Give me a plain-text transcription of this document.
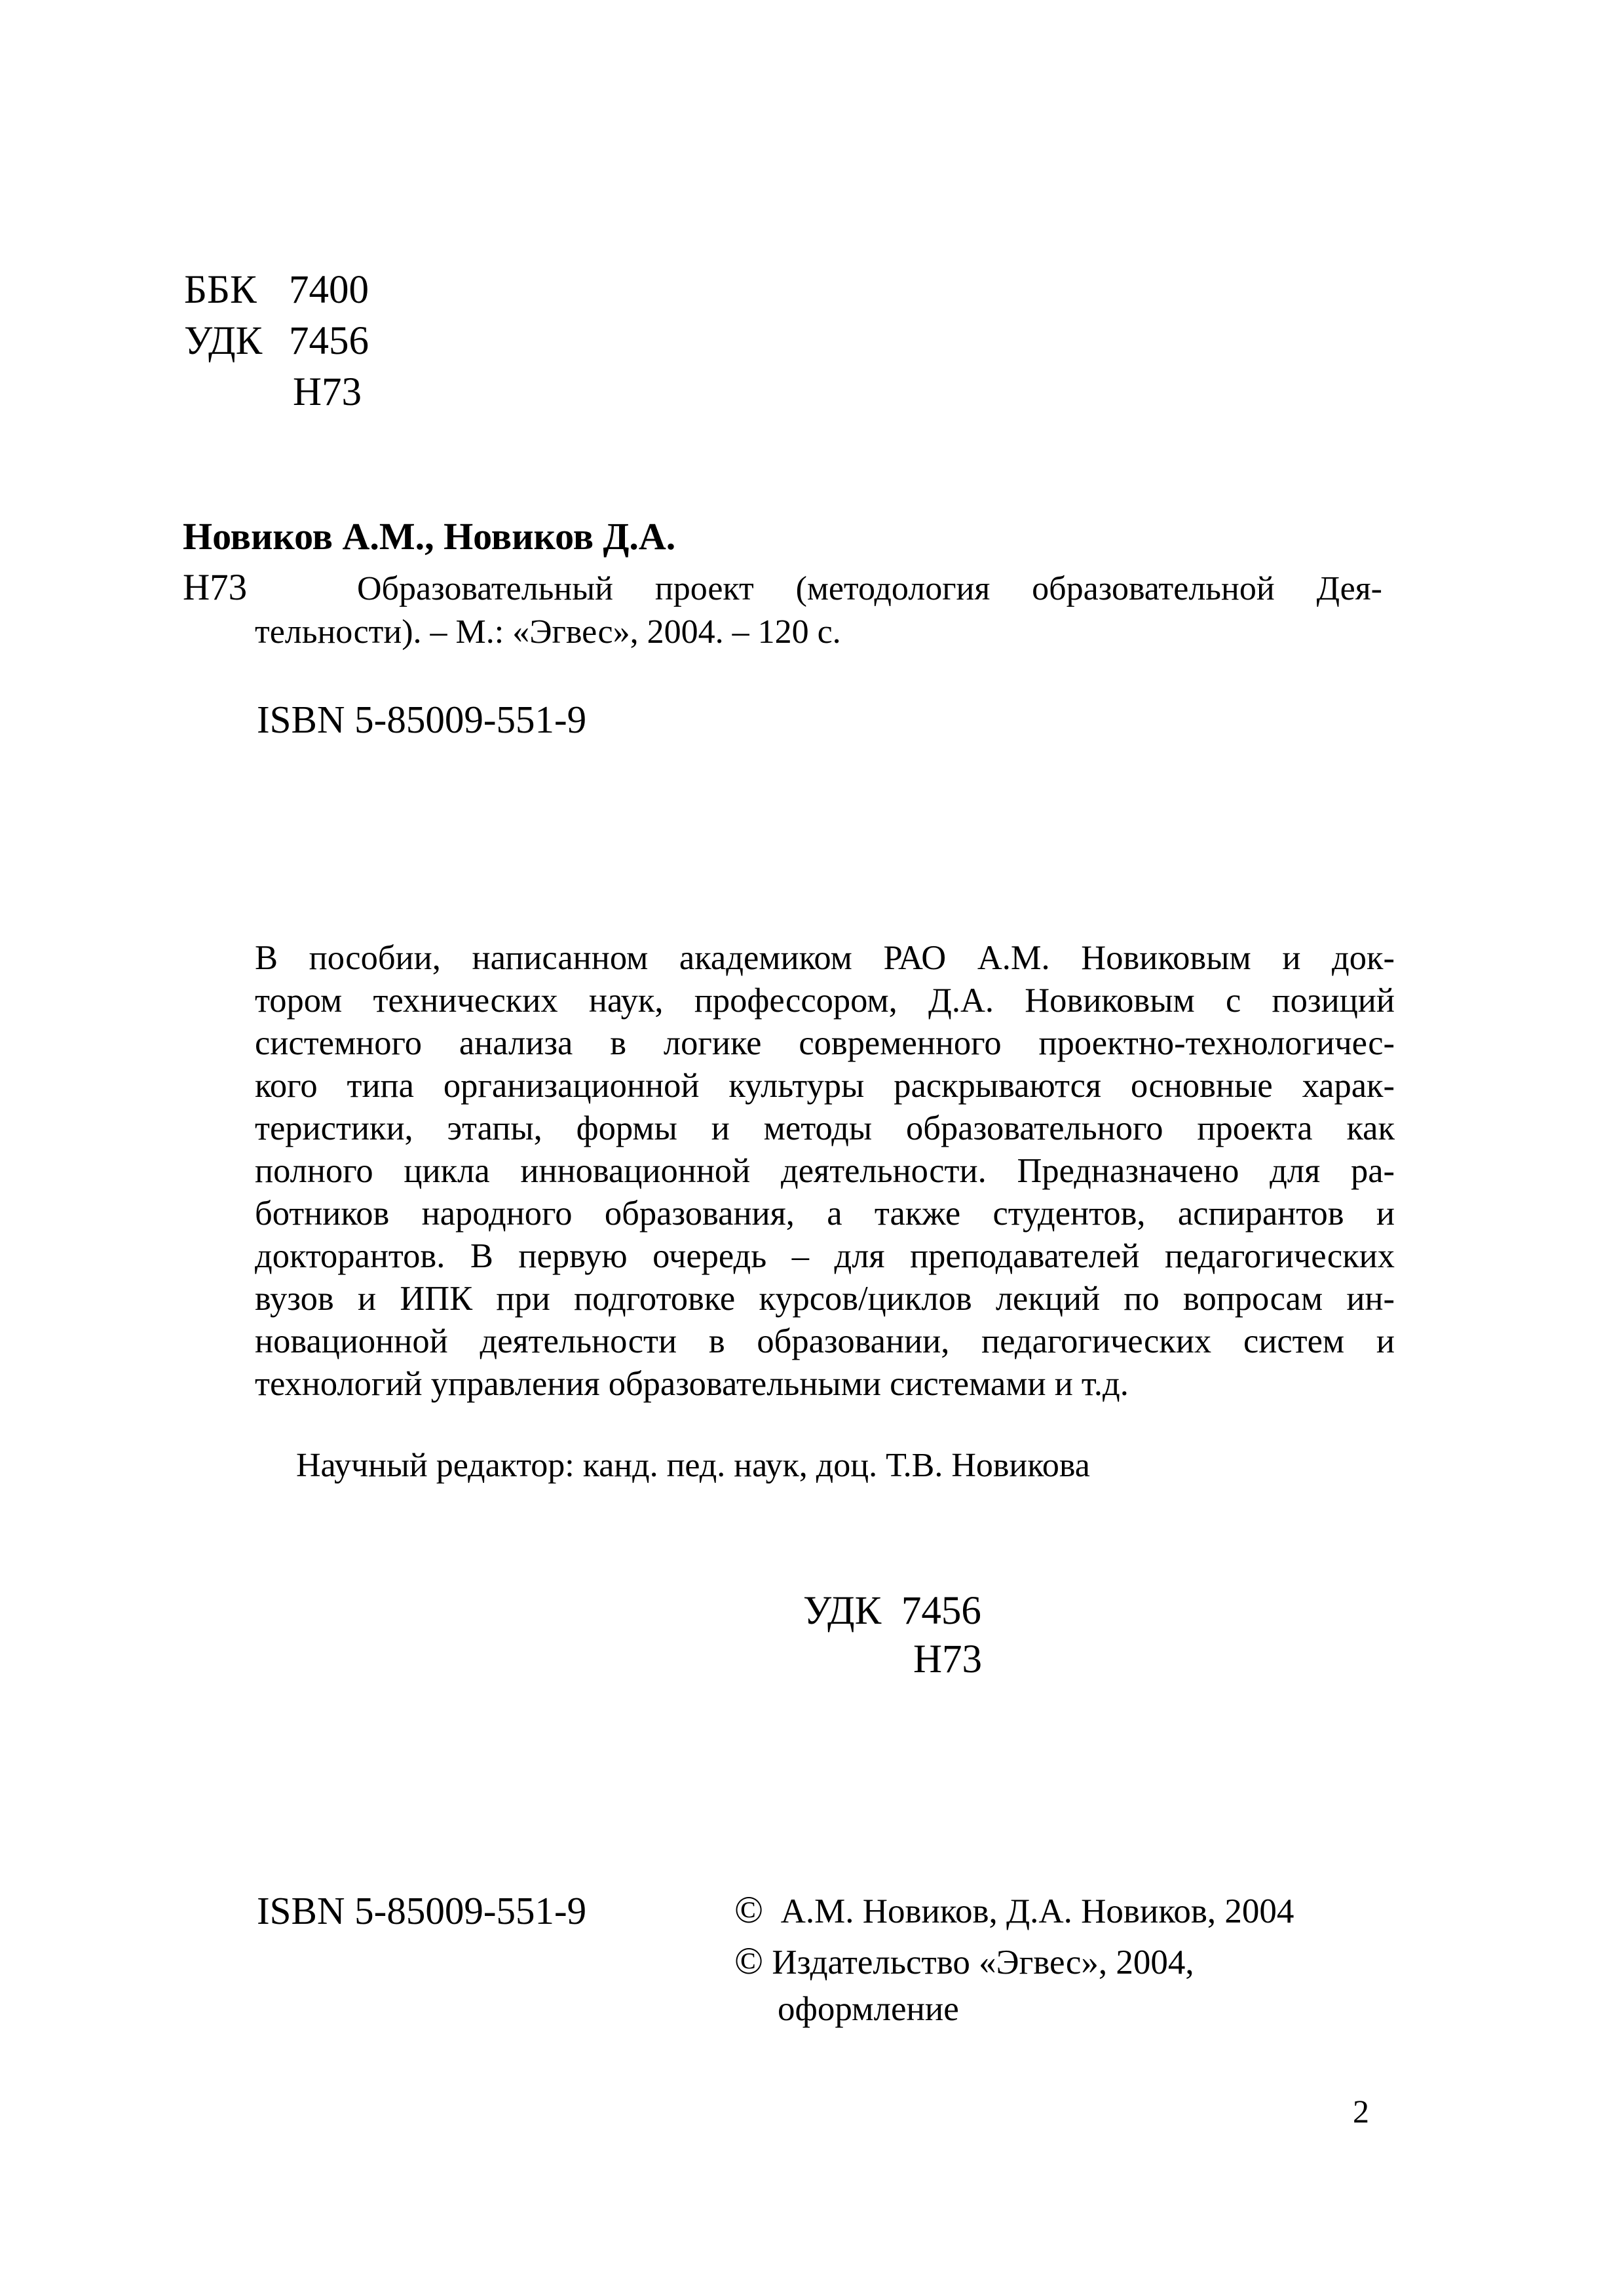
ББК 7400
УДК 7456
Н73
Новиков А.М., Новиков Д.А.
Н73	Образовательный проект (методология образовательной Дея-
тельности). – М.: «Эгвес», 2004. – 120 с.
ISBN 5-85009-551-9
В пособии, написанном академиком РАО А.М. Новиковым и док-
тором технических наук, профессором, Д.А. Новиковым с позиций
системного анализа в логике современного проектно-технологичес-
кого типа организационной культуры раскрываются основные харак-
теристики, этапы, формы и методы образовательного проекта как
полного цикла инновационной деятельности. Предназначено для ра-
ботников народного образования, а также студентов, аспирантов и
докторантов. В первую очередь – для преподавателей педагогических
вузов и ИПК при подготовке курсов/циклов лекций по вопросам ин-
новационной деятельности в образовании, педагогических систем и
технологий управления образовательными системами и т.д.
Научный редактор: канд. пед. наук, доц. Т.В. Новикова
УДК 7456
Н73
ISBN 5-85009-551-9	© А.М. Новиков, Д.А. Новиков, 2004
© Издательство «Эгвес», 2004,
оформление
2
